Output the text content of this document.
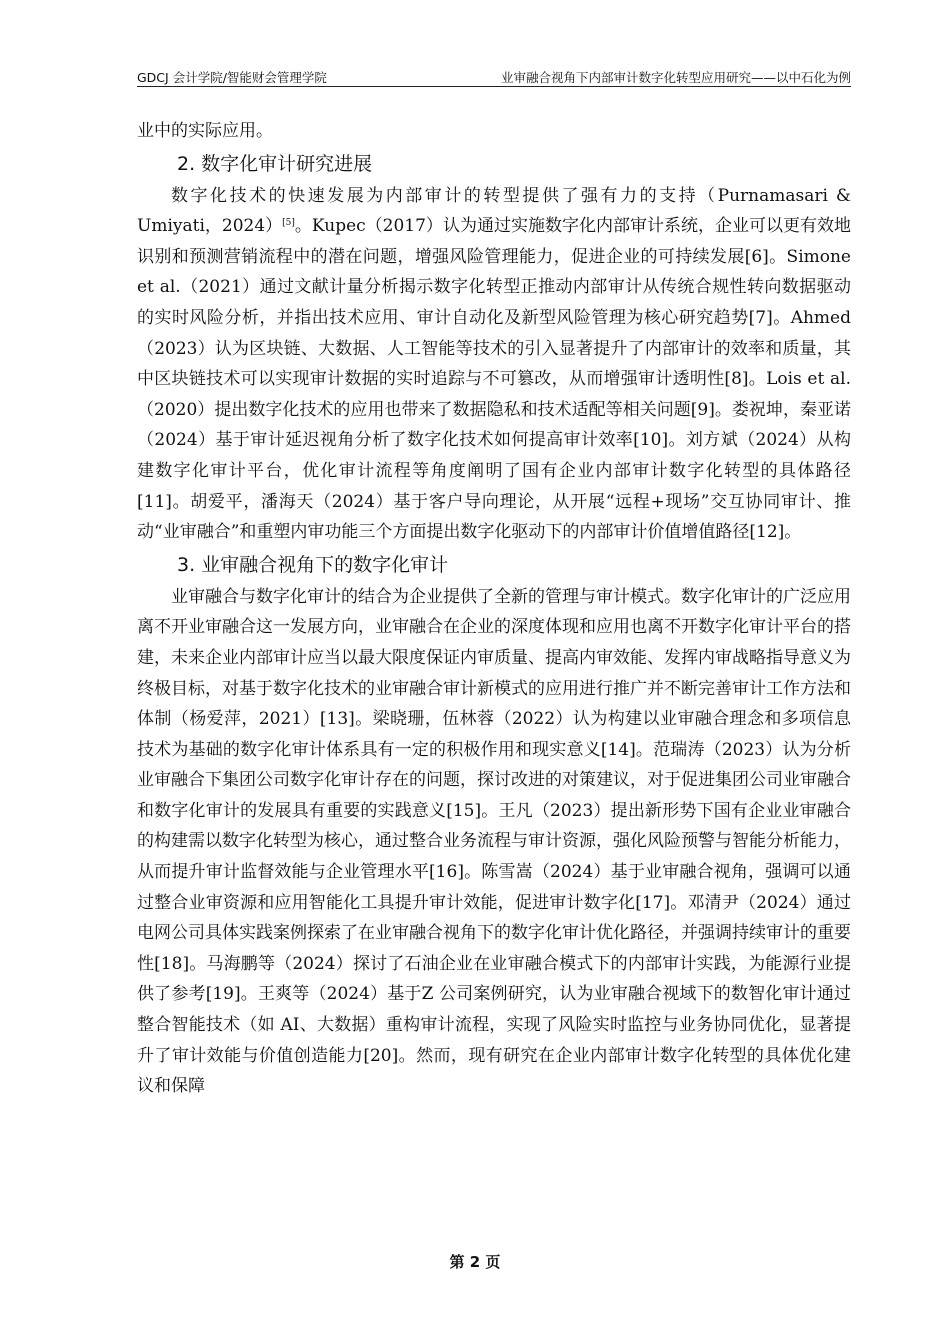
GDCJ 会计学院/智能财会管理学院	业审融合视角下内部审计数字化转型应用研究——以中石化为例

业中的实际应用。

2. 数字化审计研究进展

数字化技术的快速发展为内部审计的转型提供了强有力的支持（Purnamasari & Umiyati，2024）[5]。Kupec（2017）认为通过实施数字化内部审计系统，企业可以更有效地识别和预测营销流程中的潜在问题，增强风险管理能力，促进企业的可持续发展[6]。Simone et al.（2021）通过文献计量分析揭示数字化转型正推动内部审计从传统合规性转向数据驱动的实时风险分析，并指出技术应用、审计自动化及新型风险管理为核心研究趋势[7]。Ahmed（2023）认为区块链、大数据、人工智能等技术的引入显著提升了内部审计的效率和质量，其中区块链技术可以实现审计数据的实时追踪与不可篡改，从而增强审计透明性[8]。Lois et al.（2020）提出数字化技术的应用也带来了数据隐私和技术适配等相关问题[9]。娄祝坤，秦亚诺（2024）基于审计延迟视角分析了数字化技术如何提高审计效率[10]。刘方斌（2024）从构建数字化审计平台，优化审计流程等角度阐明了国有企业内部审计数字化转型的具体路径[11]。胡爱平，潘海天（2024）基于客户导向理论，从开展“远程+现场”交互协同审计、推动“业审融合”和重塑内审功能三个方面提出数字化驱动下的内部审计价值增值路径[12]。

3. 业审融合视角下的数字化审计

业审融合与数字化审计的结合为企业提供了全新的管理与审计模式。数字化审计的广泛应用离不开业审融合这一发展方向，业审融合在企业的深度体现和应用也离不开数字化审计平台的搭建，未来企业内部审计应当以最大限度保证内审质量、提高内审效能、发挥内审战略指导意义为终极目标，对基于数字化技术的业审融合审计新模式的应用进行推广并不断完善审计工作方法和体制（杨爱萍，2021）[13]。梁晓珊，伍林蓉（2022）认为构建以业审融合理念和多项信息技术为基础的数字化审计体系具有一定的积极作用和现实意义[14]。范瑞涛（2023）认为分析业审融合下集团公司数字化审计存在的问题，探讨改进的对策建议，对于促进集团公司业审融合和数字化审计的发展具有重要的实践意义[15]。王凡（2023）提出新形势下国有企业业审融合的构建需以数字化转型为核心，通过整合业务流程与审计资源，强化风险预警与智能分析能力，从而提升审计监督效能与企业管理水平[16]。陈雪嵩（2024）基于业审融合视角，强调可以通过整合业审资源和应用智能化工具提升审计效能，促进审计数字化[17]。邓清尹（2024）通过电网公司具体实践案例探索了在业审融合视角下的数字化审计优化路径，并强调持续审计的重要性[18]。马海鹏等（2024）探讨了石油企业在业审融合模式下的内部审计实践，为能源行业提供了参考[19]。王爽等（2024）基于Z 公司案例研究，认为业审融合视域下的数智化审计通过整合智能技术（如 AI、大数据）重构审计流程，实现了风险实时监控与业务协同优化，显著提升了审计效能与价值创造能力[20]。然而，现有研究在企业内部审计数字化转型的具体优化建议和保障

第 2 页
